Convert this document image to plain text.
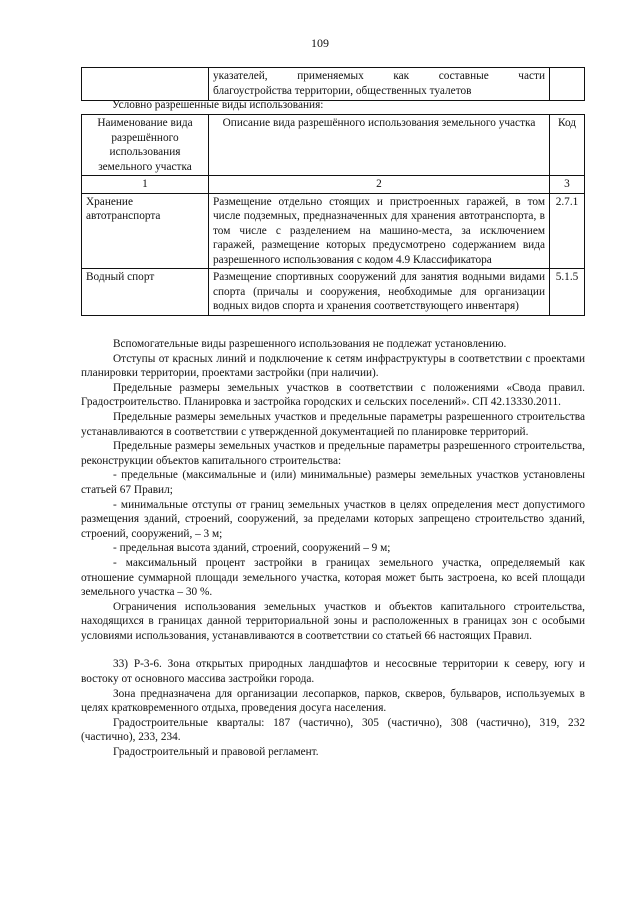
109

указателей, применяемых как составные части
благоустройства территории, общественных туалетов

Условно разрешенные виды использования:
Наименование вида разрешённого использования земельного участка	Описание вида разрешённого использования земельного участка	Код
1	2	3
Хранение автотранспорта	Размещение отдельно стоящих и пристроенных гаражей, в том числе подземных, предназначенных для хранения автотранспорта, в том числе с разделением на машино-места, за исключением гаражей, размещение которых предусмотрено содержанием вида разрешенного использования с кодом 4.9 Классификатора	2.7.1
Водный спорт	Размещение спортивных сооружений для занятия водными видами спорта (причалы и сооружения, необходимые для организации водных видов спорта и хранения соответствующего инвентаря)	5.1.5

Вспомогательные виды разрешенного использования не подлежат установлению.

Отступы от красных линий и подключение к сетям инфраструктуры в соответствии с проектами планировки территории, проектами застройки (при наличии).

Предельные размеры земельных участков в соответствии с положениями «Свода правил. Градостроительство. Планировка и застройка городских и сельских поселений». СП 42.13330.2011.

Предельные размеры земельных участков и предельные параметры разрешенного строительства устанавливаются в соответствии с утвержденной документацией по планировке территорий.

Предельные размеры земельных участков и предельные параметры разрешенного строительства, реконструкции объектов капитального строительства:

- предельные (максимальные и (или) минимальные) размеры земельных участков установлены статьей 67 Правил;

- минимальные отступы от границ земельных участков в целях определения мест допустимого размещения зданий, строений, сооружений, за пределами которых запрещено строительство зданий, строений, сооружений, – 3 м;

- предельная высота зданий, строений, сооружений – 9 м;

- максимальный процент застройки в границах земельного участка, определяемый как отношение суммарной площади земельного участка, которая может быть застроена, ко всей площади земельного участка – 30 %.

Ограничения использования земельных участков и объектов капитального строительства, находящихся в границах данной территориальной зоны и расположенных в границах зон с особыми условиями использования, устанавливаются в соответствии со статьей 66 настоящих Правил.

33) Р-3-6. Зона открытых природных ландшафтов и несосвные территории к северу, югу и востоку от основного массива застройки города.

Зона предназначена для организации лесопарков, парков, скверов, бульваров, используемых в целях кратковременного отдыха, проведения досуга населения.

Градостроительные кварталы: 187 (частично), 305 (частично), 308 (частично), 319, 232 (частично), 233, 234.

Градостроительный и правовой регламент.
